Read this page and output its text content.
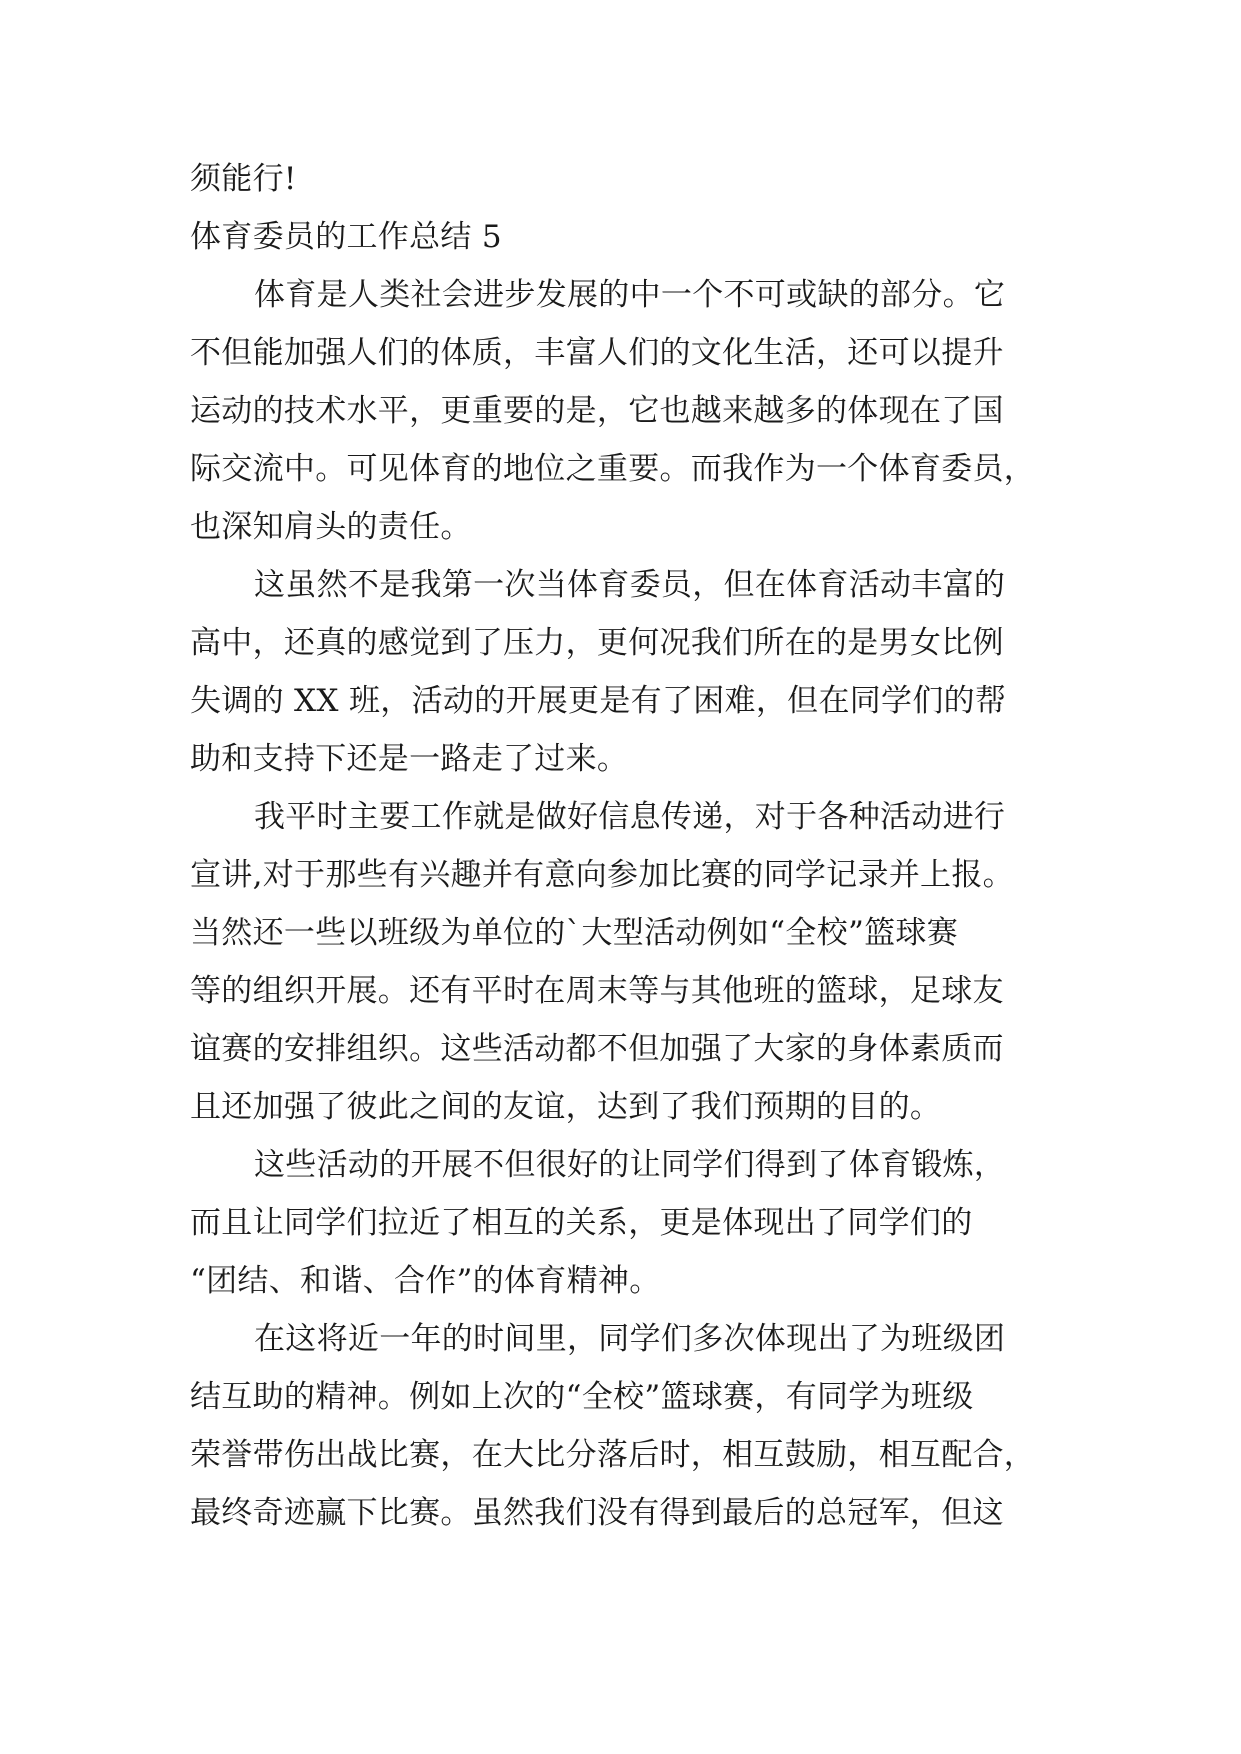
须能行!
体育委员的工作总结 5
体育是人类社会进步发展的中一个不可或缺的部分。它
不但能加强人们的体质，丰富人们的文化生活，还可以提升
运动的技术水平，更重要的是，它也越来越多的体现在了国
际交流中。可见体育的地位之重要。而我作为一个体育委员，
也深知肩头的责任。
这虽然不是我第一次当体育委员，但在体育活动丰富的
高中，还真的感觉到了压力，更何况我们所在的是男女比例
失调的 XX 班，活动的开展更是有了困难，但在同学们的帮
助和支持下还是一路走了过来。
我平时主要工作就是做好信息传递，对于各种活动进行
宣讲,对于那些有兴趣并有意向参加比赛的同学记录并上报。
当然还一些以班级为单位的`大型活动例如“全校”篮球赛
等的组织开展。还有平时在周末等与其他班的篮球，足球友
谊赛的安排组织。这些活动都不但加强了大家的身体素质而
且还加强了彼此之间的友谊，达到了我们预期的目的。
这些活动的开展不但很好的让同学们得到了体育锻炼，
而且让同学们拉近了相互的关系，更是体现出了同学们的
“团结、和谐、合作”的体育精神。
在这将近一年的时间里，同学们多次体现出了为班级团
结互助的精神。例如上次的“全校”篮球赛，有同学为班级
荣誉带伤出战比赛，在大比分落后时，相互鼓励，相互配合，
最终奇迹赢下比赛。虽然我们没有得到最后的总冠军，但这
